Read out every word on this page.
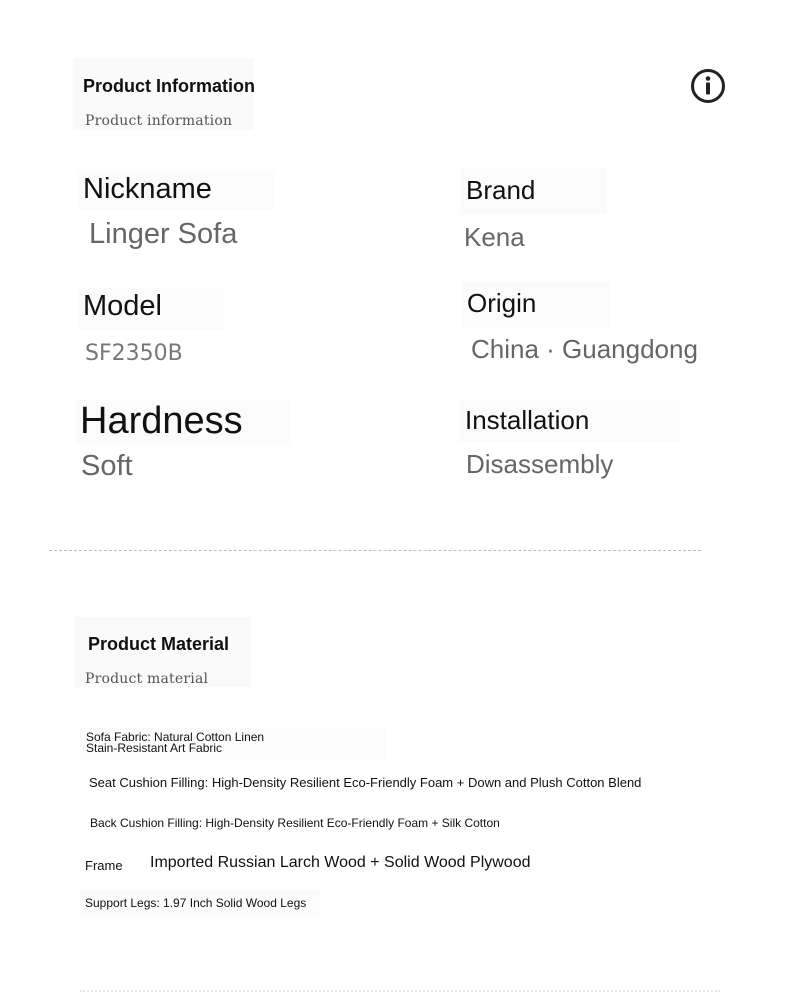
Product Information
Product information
Nickname
Linger Sofa
Model
SF2350B
Hardness
Soft
Brand
Kena
Origin
China · Guangdong
Installation
Disassembly
Product Material
Product material
Sofa Fabric: Natural Cotton Linen
Stain-Resistant Art Fabric
Seat Cushion Filling: High-Density Resilient Eco-Friendly Foam + Down and Plush Cotton Blend
Back Cushion Filling: High-Density Resilient Eco-Friendly Foam + Silk Cotton
Frame Imported Russian Larch Wood + Solid Wood Plywood
Support Legs: 1.97 Inch Solid Wood Legs
